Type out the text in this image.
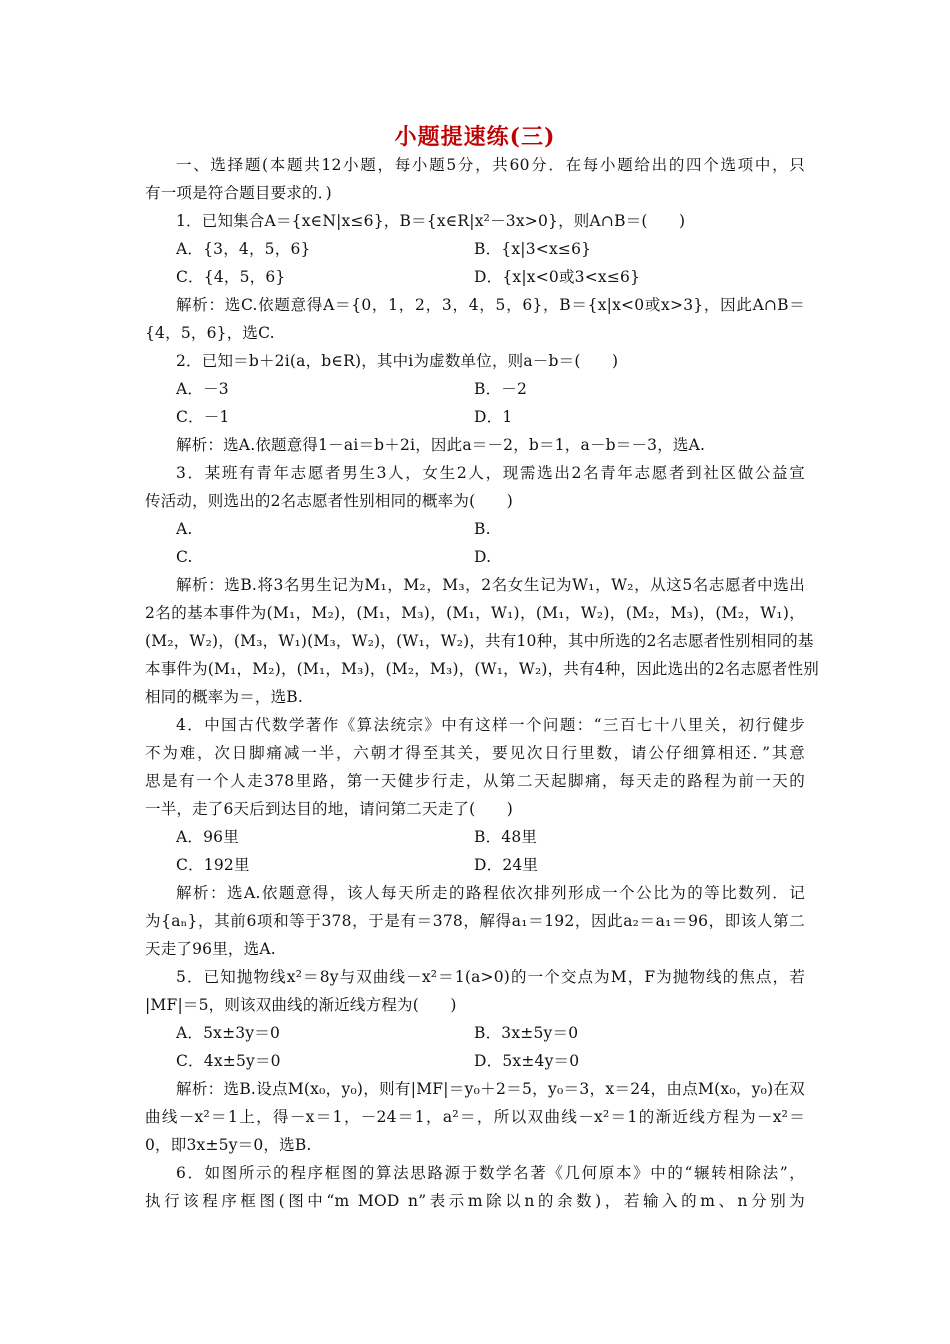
小题提速练(三)
一、选择题(本题共12小题，每小题5分，共60分．在每小题给出的四个选项中，只
有一项是符合题目要求的．)
1．已知集合A＝{x∈N|x≤6}，B＝{x∈R|x²－3x>0}，则A∩B＝(　　)
A．{3，4，5，6}	B．{x|3<x≤6}
C．{4，5，6}	D．{x|x<0或3<x≤6}
解析：选C.依题意得A＝{0，1，2，3，4，5，6}，B＝{x|x<0或x>3}，因此A∩B＝
{4，5，6}，选C.
2．已知＝b＋2i(a，b∈R)，其中i为虚数单位，则a－b＝(　　)
A．－3	B．－2
C．－1	D．1
解析：选A.依题意得1－ai＝b＋2i，因此a＝－2，b＝1，a－b＝－3，选A.
3．某班有青年志愿者男生3人，女生2人，现需选出2名青年志愿者到社区做公益宣
传活动，则选出的2名志愿者性别相同的概率为(　　)
A.	B.
C.	D.
解析：选B.将3名男生记为M₁，M₂，M₃，2名女生记为W₁，W₂，从这5名志愿者中选出
2名的基本事件为(M₁，M₂)，(M₁，M₃)，(M₁，W₁)，(M₁，W₂)，(M₂，M₃)，(M₂，W₁)，
(M₂，W₂)，(M₃，W₁)(M₃，W₂)，(W₁，W₂)，共有10种，其中所选的2名志愿者性别相同的基
本事件为(M₁，M₂)，(M₁，M₃)，(M₂，M₃)，(W₁，W₂)，共有4种，因此选出的2名志愿者性别
相同的概率为＝，选B.
4．中国古代数学著作《算法统宗》中有这样一个问题：“三百七十八里关，初行健步
不为难，次日脚痛减一半，六朝才得至其关，要见次日行里数，请公仔细算相还．”其意
思是有一个人走378里路，第一天健步行走，从第二天起脚痛，每天走的路程为前一天的
一半，走了6天后到达目的地，请问第二天走了(　　)
A．96里	B．48里
C．192里	D．24里
解析：选A.依题意得，该人每天所走的路程依次排列形成一个公比为的等比数列．记
为{aₙ}，其前6项和等于378，于是有＝378，解得a₁＝192，因此a₂＝a₁＝96，即该人第二
天走了96里，选A.
5．已知抛物线x²＝8y与双曲线－x²＝1(a>0)的一个交点为M，F为抛物线的焦点，若
|MF|＝5，则该双曲线的渐近线方程为(　　)
A．5x±3y＝0	B．3x±5y＝0
C．4x±5y＝0	D．5x±4y＝0
解析：选B.设点M(x₀，y₀)，则有|MF|＝y₀＋2＝5，y₀＝3，x＝24，由点M(x₀，y₀)在双
曲线－x²＝1上，得－x＝1，－24＝1，a²＝，所以双曲线－x²＝1的渐近线方程为－x²＝
0，即3x±5y＝0，选B.
6．如图所示的程序框图的算法思路源于数学名著《几何原本》中的“辗转相除法”，
执行该程序框图(图中“m MOD n”表示m除以n的余数)，若输入的m、n分别为
